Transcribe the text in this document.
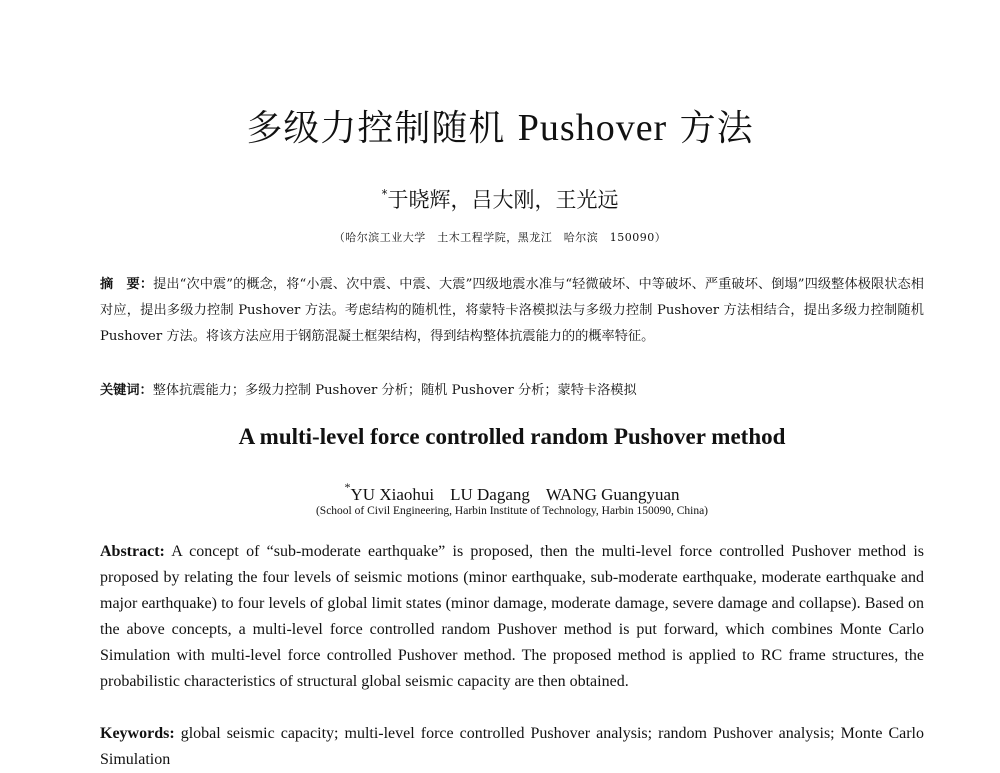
多级力控制随机 Pushover 方法
*于晓辉，吕大刚，王光远
（哈尔滨工业大学　土木工程学院，黑龙江　哈尔滨　150090）
摘　要：提出“次中震”的概念，将“小震、次中震、中震、大震”四级地震水准与“轻微破坏、中等破坏、严重破坏、倒塌”四级整体极限状态相对应，提出多级力控制 Pushover 方法。考虑结构的随机性，将蒙特卡洛模拟法与多级力控制 Pushover 方法相结合，提出多级力控制随机 Pushover 方法。将该方法应用于钢筋混凝土框架结构，得到结构整体抗震能力的的概率特征。
关键词：整体抗震能力；多级力控制 Pushover 分析；随机 Pushover 分析；蒙特卡洛模拟
A multi-level force controlled random Pushover method
*YU Xiaohui LU Dagang WANG Guangyuan
(School of Civil Engineering, Harbin Institute of Technology, Harbin 150090, China)
Abstract: A concept of “sub-moderate earthquake” is proposed, then the multi-level force controlled Pushover method is proposed by relating the four levels of seismic motions (minor earthquake, sub-moderate earthquake, moderate earthquake and major earthquake) to four levels of global limit states (minor damage, moderate damage, severe damage and collapse). Based on the above concepts, a multi-level force controlled random Pushover method is put forward, which combines Monte Carlo Simulation with multi-level force controlled Pushover method. The proposed method is applied to RC frame structures, the probabilistic characteristics of structural global seismic capacity are then obtained.
Keywords: global seismic capacity; multi-level force controlled Pushover analysis; random Pushover analysis; Monte Carlo Simulation
